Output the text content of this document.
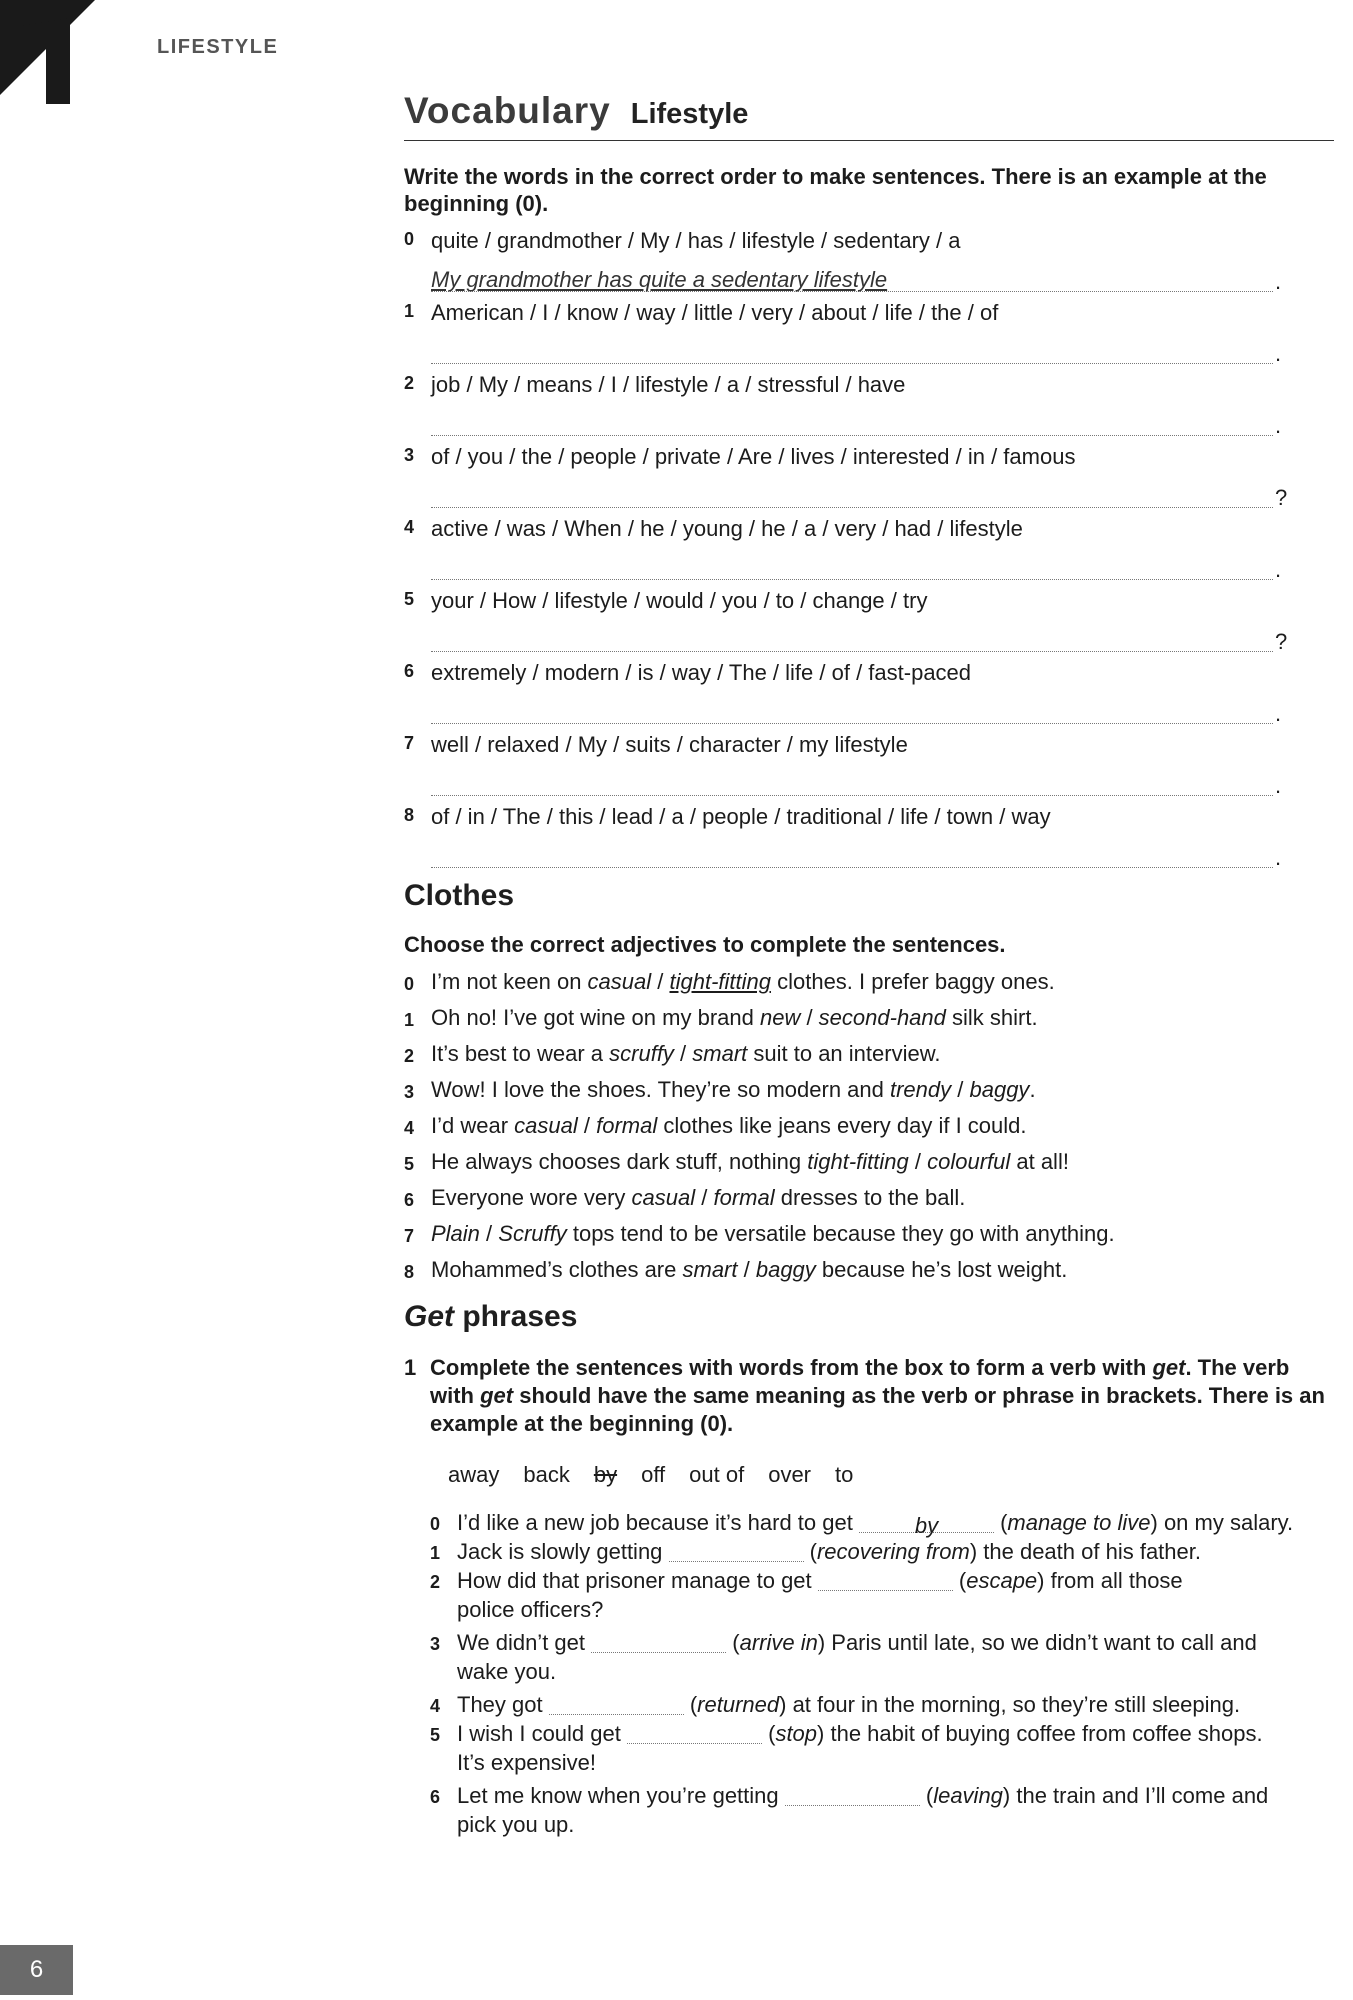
LIFESTYLE
6
Vocabulary Lifestyle
Write the words in the correct order to make sentences. There is an example at the beginning (0).
0 quite / grandmother / My / has / lifestyle / sedentary / a
My grandmother has quite a sedentary lifestyle	.
1 American / I / know / way / little / very / about / life / the / of
.
2 job / My / means / I / lifestyle / a / stressful / have
.
3 of / you / the / people / private / Are / lives / interested / in / famous
?
4 active / was / When / he / young / he / a / very / had / lifestyle
.
5 your / How / lifestyle / would / you / to / change / try
?
6 extremely / modern / is / way / The / life / of / fast-paced
.
7 well / relaxed / My / suits / character / my lifestyle
.
8 of / in / The / this / lead / a / people / traditional / life / town / way
.
Clothes
Choose the correct adjectives to complete the sentences.
0 I’m not keen on casual / tight-fitting clothes. I prefer baggy ones.
1 Oh no! I’ve got wine on my brand new / second-hand silk shirt.
2 It’s best to wear a scruffy / smart suit to an interview.
3 Wow! I love the shoes. They’re so modern and trendy / baggy.
4 I’d wear casual / formal clothes like jeans every day if I could.
5 He always chooses dark stuff, nothing tight-fitting / colourful at all!
6 Everyone wore very casual / formal dresses to the ball.
7 Plain / Scruffy tops tend to be versatile because they go with anything.
8 Mohammed’s clothes are smart / baggy because he’s lost weight.
Get phrases
1 Complete the sentences with words from the box to form a verb with get. The verb with get should have the same meaning as the verb or phrase in brackets. There is an example at the beginning (0).
away back by off out of over to
0 I’d like a new job because it’s hard to get	by	(manage to live) on my salary.
1 Jack is slowly getting	(recovering from) the death of his father.
2 How did that prisoner manage to get	(escape) from all those
police officers?
3 We didn’t get	(arrive in) Paris until late, so we didn’t want to call and
wake you.
4 They got	(returned) at four in the morning, so they’re still sleeping.
5 I wish I could get	(stop) the habit of buying coffee from coffee shops.
It’s expensive!
6 Let me know when you’re getting	(leaving) the train and I’ll come and
pick you up.
